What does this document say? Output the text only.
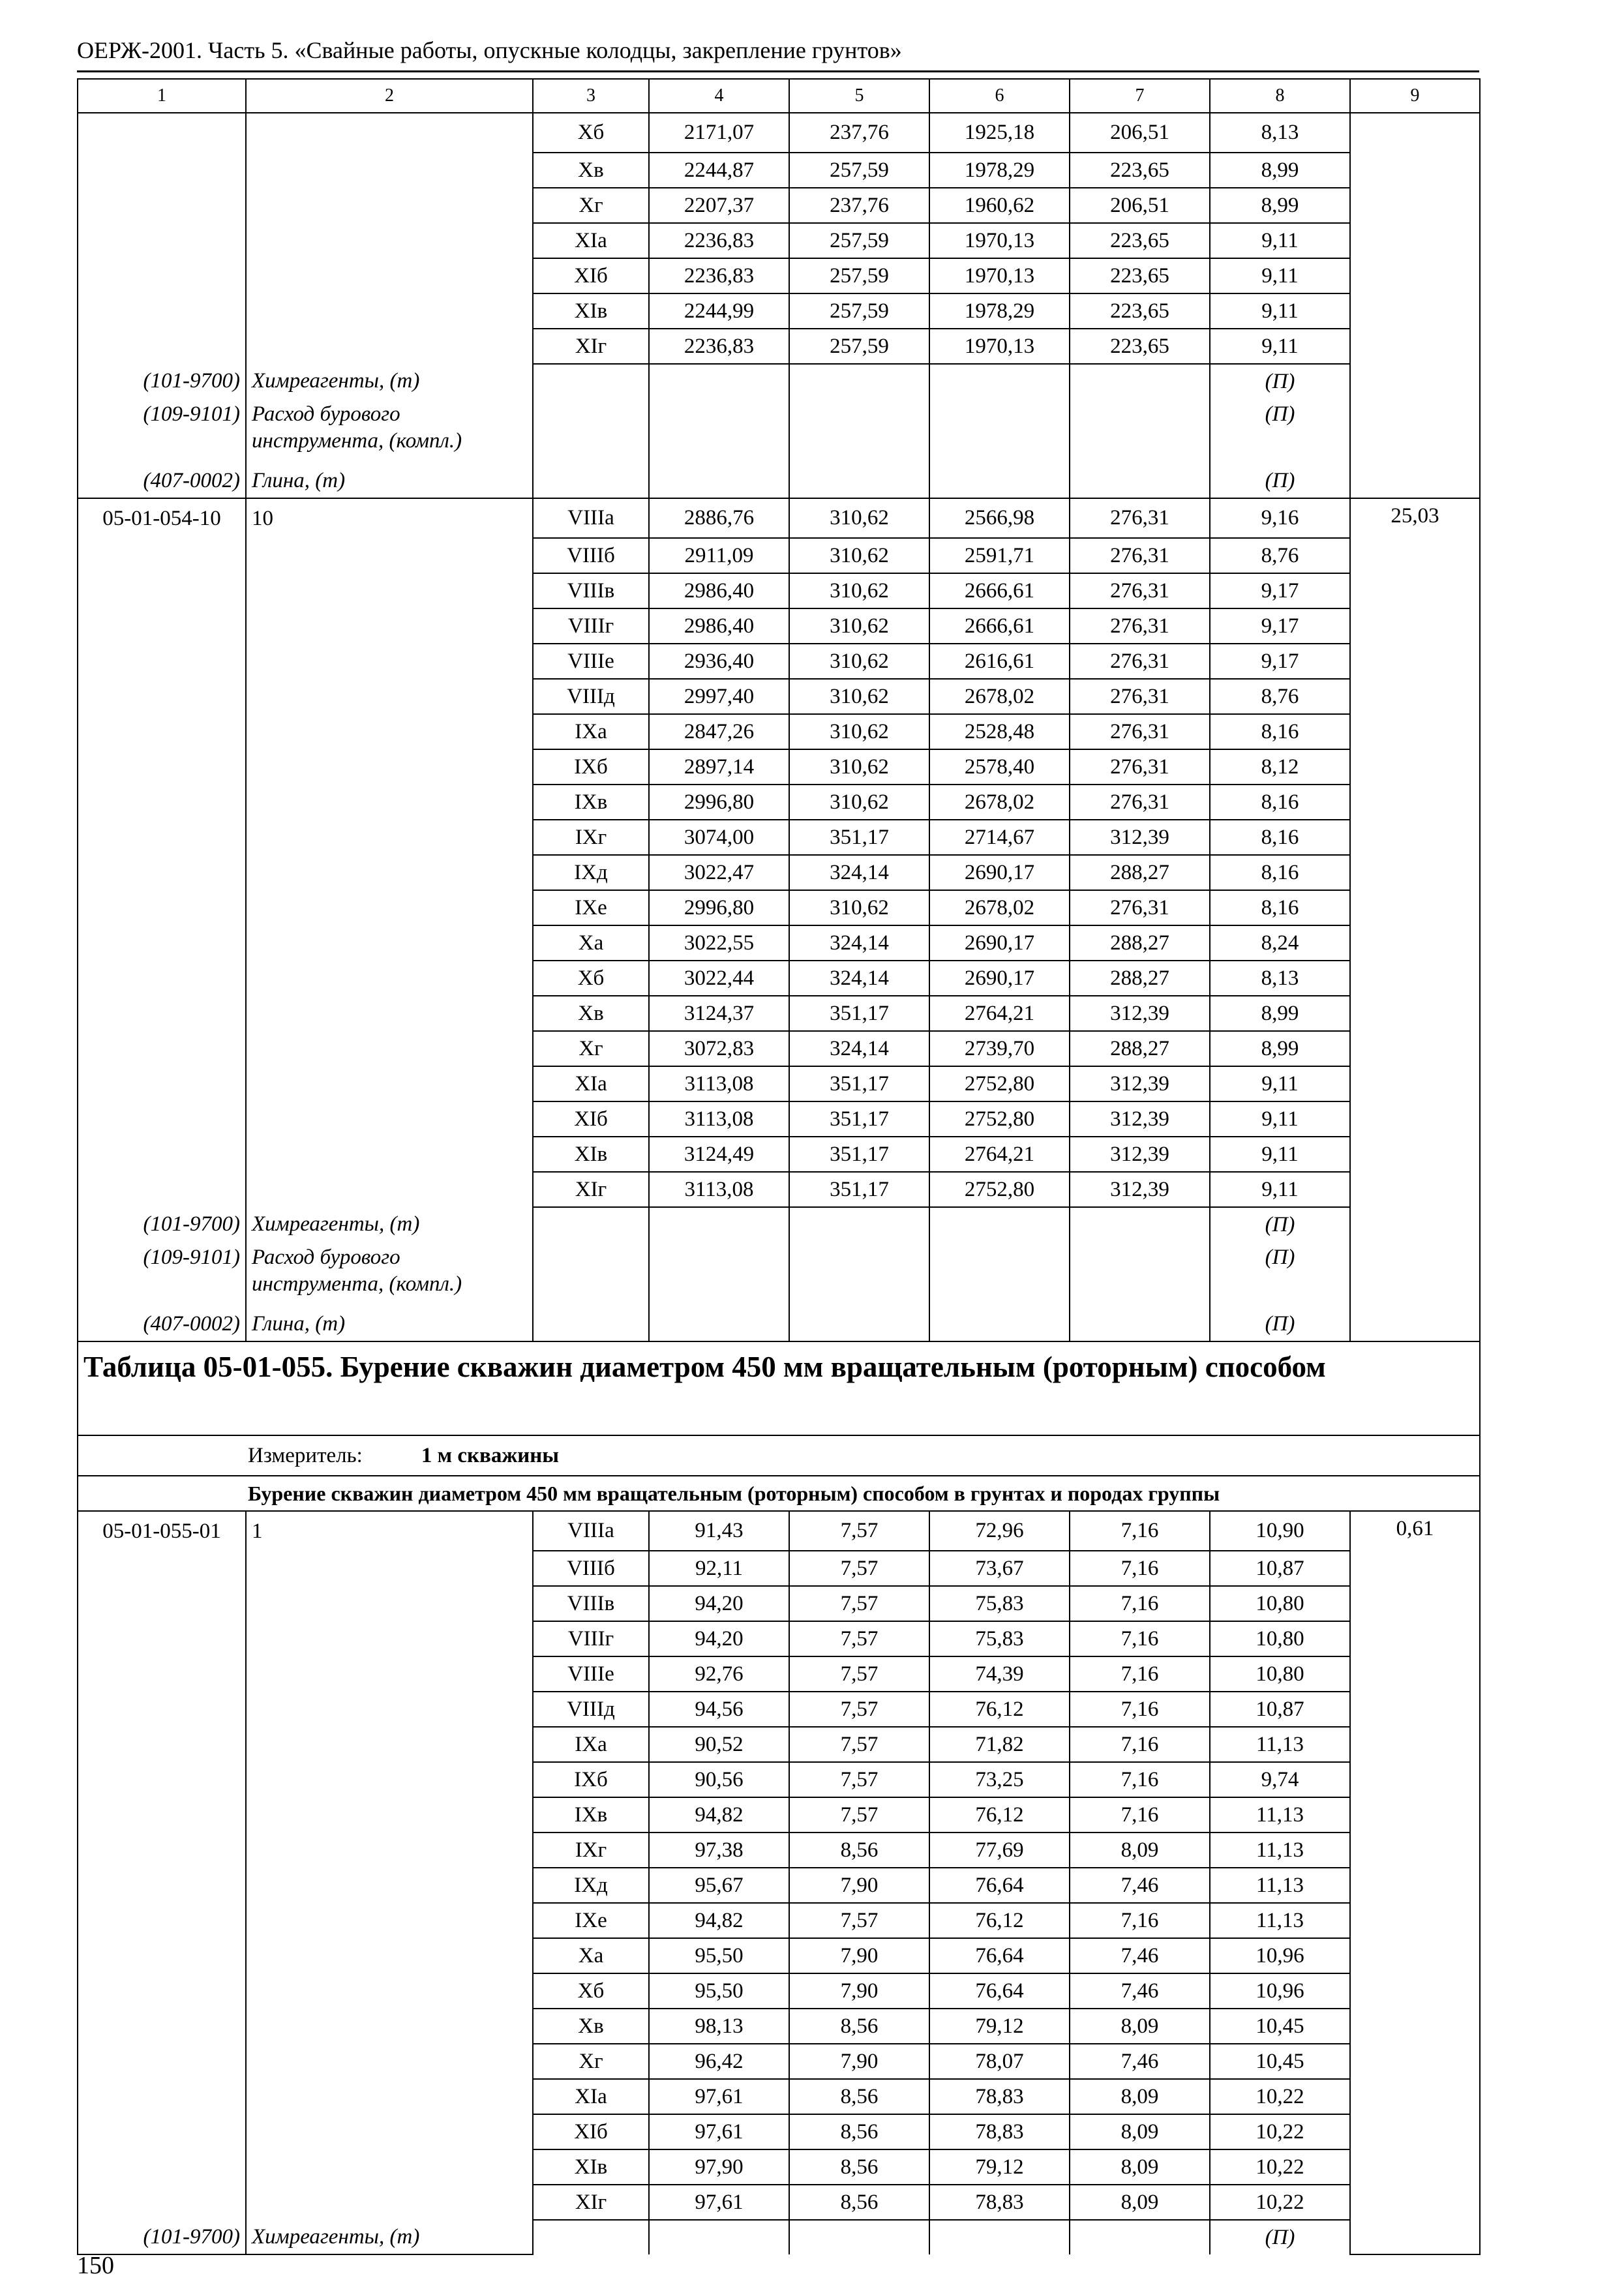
ОЕРЖ-2001. Часть 5. «Свайные работы, опускные колодцы, закрепление грунтов»
1	2	3	4	5	6	7	8	9
		Хб	2171,07	237,76	1925,18	206,51	8,13	
		Хв	2244,87	257,59	1978,29	223,65	8,99	
		Хг	2207,37	237,76	1960,62	206,51	8,99	
		ХIа	2236,83	257,59	1970,13	223,65	9,11	
		ХIб	2236,83	257,59	1970,13	223,65	9,11	
		ХIв	2244,99	257,59	1978,29	223,65	9,11	
		ХIг	2236,83	257,59	1970,13	223,65	9,11	
(101-9700)	Химреагенты, (т)						(П)	
(109-9101)	Расход бурового инструмента, (компл.)						(П)	
(407-0002)	Глина, (т)						(П)	
05-01-054-10	10	VIIIа	2886,76	310,62	2566,98	276,31	9,16	25,03
		VIIIб	2911,09	310,62	2591,71	276,31	8,76	
		VIIIв	2986,40	310,62	2666,61	276,31	9,17	
		VIIIг	2986,40	310,62	2666,61	276,31	9,17	
		VIIIе	2936,40	310,62	2616,61	276,31	9,17	
		VIIIд	2997,40	310,62	2678,02	276,31	8,76	
		IХа	2847,26	310,62	2528,48	276,31	8,16	
		IХб	2897,14	310,62	2578,40	276,31	8,12	
		IХв	2996,80	310,62	2678,02	276,31	8,16	
		IХг	3074,00	351,17	2714,67	312,39	8,16	
		IХд	3022,47	324,14	2690,17	288,27	8,16	
		IХе	2996,80	310,62	2678,02	276,31	8,16	
		Ха	3022,55	324,14	2690,17	288,27	8,24	
		Хб	3022,44	324,14	2690,17	288,27	8,13	
		Хв	3124,37	351,17	2764,21	312,39	8,99	
		Хг	3072,83	324,14	2739,70	288,27	8,99	
		ХIа	3113,08	351,17	2752,80	312,39	9,11	
		ХIб	3113,08	351,17	2752,80	312,39	9,11	
		ХIв	3124,49	351,17	2764,21	312,39	9,11	
		ХIг	3113,08	351,17	2752,80	312,39	9,11	
(101-9700)	Химреагенты, (т)						(П)	
(109-9101)	Расход бурового инструмента, (компл.)						(П)	
(407-0002)	Глина, (т)						(П)	
Таблица 05-01-055. Бурение скважин диаметром 450 мм вращательным (роторным) способом								
Измеритель: 1 м скважины								
Бурение скважин диаметром 450 мм вращательным (роторным) способом в грунтах и породах группы								
05-01-055-01	1	VIIIа	91,43	7,57	72,96	7,16	10,90	0,61
		VIIIб	92,11	7,57	73,67	7,16	10,87	
		VIIIв	94,20	7,57	75,83	7,16	10,80	
		VIIIг	94,20	7,57	75,83	7,16	10,80	
		VIIIе	92,76	7,57	74,39	7,16	10,80	
		VIIIд	94,56	7,57	76,12	7,16	10,87	
		IХа	90,52	7,57	71,82	7,16	11,13	
		IХб	90,56	7,57	73,25	7,16	9,74	
		IХв	94,82	7,57	76,12	7,16	11,13	
		IХг	97,38	8,56	77,69	8,09	11,13	
		IХд	95,67	7,90	76,64	7,46	11,13	
		IХе	94,82	7,57	76,12	7,16	11,13	
		Ха	95,50	7,90	76,64	7,46	10,96	
		Хб	95,50	7,90	76,64	7,46	10,96	
		Хв	98,13	8,56	79,12	8,09	10,45	
		Хг	96,42	7,90	78,07	7,46	10,45	
		ХIа	97,61	8,56	78,83	8,09	10,22	
		ХIб	97,61	8,56	78,83	8,09	10,22	
		ХIв	97,90	8,56	79,12	8,09	10,22	
		ХIг	97,61	8,56	78,83	8,09	10,22	
(101-9700)	Химреагенты, (т)						(П)	
150
